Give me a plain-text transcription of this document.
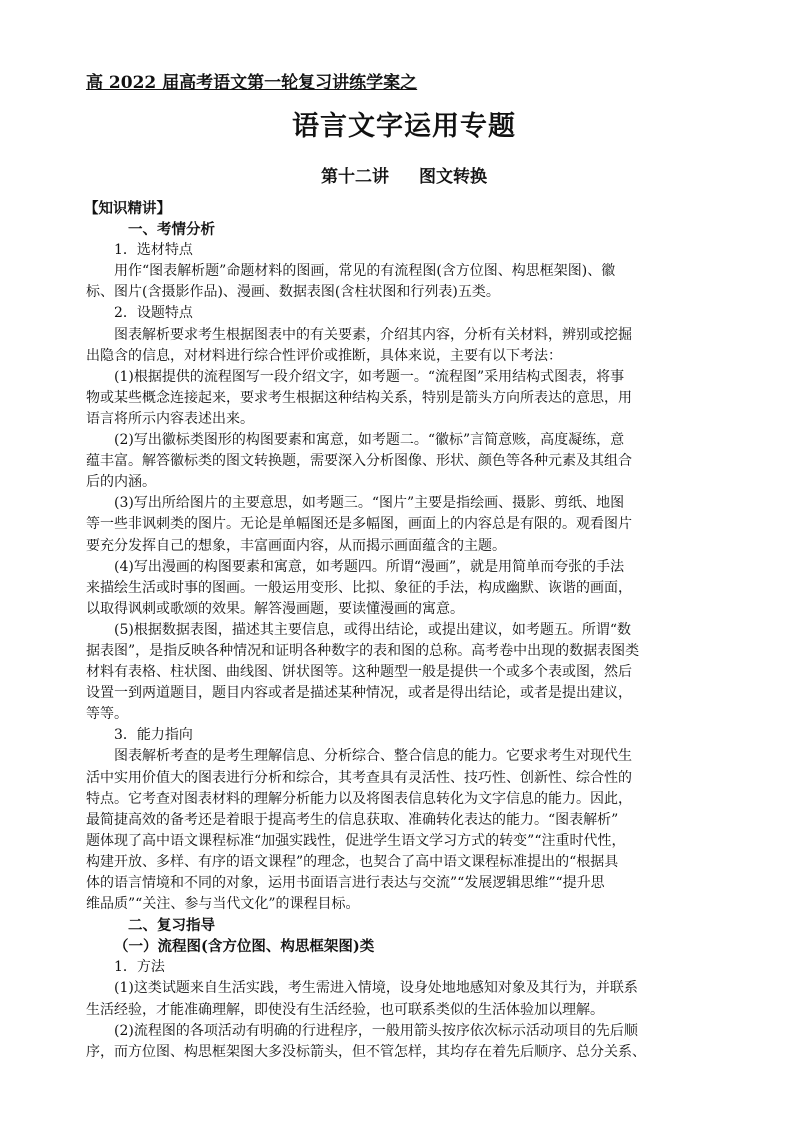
高 2022 届高考语文第一轮复习讲练学案之
语言文字运用专题
第十二讲 图文转换
【知识精讲】
一、考情分析
1．选材特点
用作“图表解析题”命题材料的图画，常见的有流程图(含方位图、构思框架图)、徽
标、图片(含摄影作品)、漫画、数据表图(含柱状图和行列表)五类。
2．设题特点
图表解析要求考生根据图表中的有关要素，介绍其内容，分析有关材料，辨别或挖掘
出隐含的信息，对材料进行综合性评价或推断，具体来说，主要有以下考法：
(1)根据提供的流程图写一段介绍文字，如考题一。“流程图”采用结构式图表，将事
物或某些概念连接起来，要求考生根据这种结构关系，特别是箭头方向所表达的意思，用
语言将所示内容表述出来。
(2)写出徽标类图形的构图要素和寓意，如考题二。“徽标”言简意赅，高度凝练，意
蕴丰富。解答徽标类的图文转换题，需要深入分析图像、形状、颜色等各种元素及其组合
后的内涵。
(3)写出所给图片的主要意思，如考题三。“图片”主要是指绘画、摄影、剪纸、地图
等一些非讽刺类的图片。无论是单幅图还是多幅图，画面上的内容总是有限的。观看图片
要充分发挥自己的想象，丰富画面内容，从而揭示画面蕴含的主题。
(4)写出漫画的构图要素和寓意，如考题四。所谓“漫画”，就是用简单而夸张的手法
来描绘生活或时事的图画。一般运用变形、比拟、象征的手法，构成幽默、诙谐的画面，
以取得讽刺或歌颂的效果。解答漫画题，要读懂漫画的寓意。
(5)根据数据表图，描述其主要信息，或得出结论，或提出建议，如考题五。所谓“数
据表图”，是指反映各种情况和证明各种数字的表和图的总称。高考卷中出现的数据表图类
材料有表格、柱状图、曲线图、饼状图等。这种题型一般是提供一个或多个表或图，然后
设置一到两道题目，题目内容或者是描述某种情况，或者是得出结论，或者是提出建议，
等等。
3．能力指向
图表解析考查的是考生理解信息、分析综合、整合信息的能力。它要求考生对现代生
活中实用价值大的图表进行分析和综合，其考查具有灵活性、技巧性、创新性、综合性的
特点。它考查对图表材料的理解分析能力以及将图表信息转化为文字信息的能力。因此，
最简捷高效的备考还是着眼于提高考生的信息获取、准确转化表达的能力。“图表解析”
题体现了高中语文课程标准“加强实践性，促进学生语文学习方式的转变”“注重时代性，
构建开放、多样、有序的语文课程”的理念，也契合了高中语文课程标准提出的“根据具
体的语言情境和不同的对象，运用书面语言进行表达与交流”“发展逻辑思维”“提升思
维品质”“关注、参与当代文化”的课程目标。
二、复习指导
（一）流程图(含方位图、构思框架图)类
1．方法
(1)这类试题来自生活实践，考生需进入情境，设身处地地感知对象及其行为，并联系
生活经验，才能准确理解，即使没有生活经验，也可联系类似的生活体验加以理解。
(2)流程图的各项活动有明确的行进程序，一般用箭头按序依次标示活动项目的先后顺
序，而方位图、构思框架图大多没标箭头，但不管怎样，其均存在着先后顺序、总分关系、
